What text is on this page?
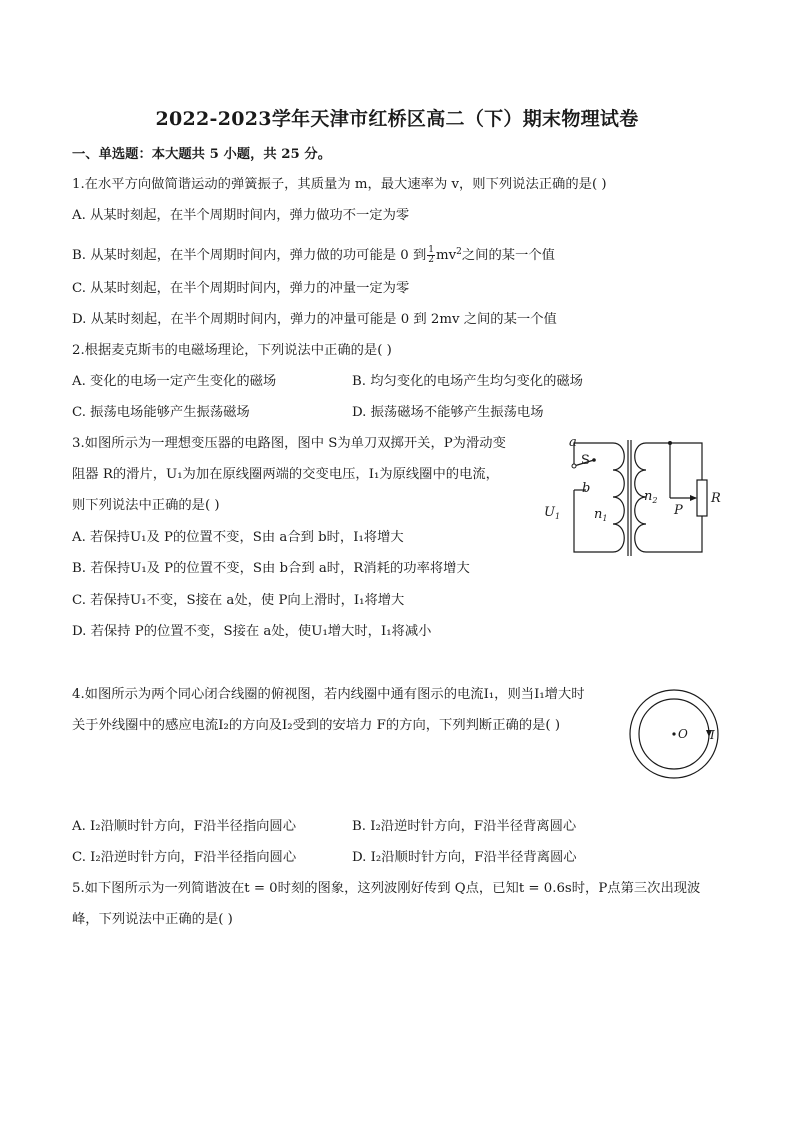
2022-2023学年天津市红桥区高二（下）期末物理试卷
一、单选题：本大题共 5 小题，共 25 分。
1.在水平方向做简谐运动的弹簧振子，其质量为 m，最大速率为 v，则下列说法正确的是( )
A. 从某时刻起，在半个周期时间内，弹力做功不一定为零
B. 从某时刻起，在半个周期时间内，弹力做的功可能是 0 到 $\frac{1}{2} mv^2$之间的某一个值
C. 从某时刻起，在半个周期时间内，弹力的冲量一定为零
D. 从某时刻起，在半个周期时间内，弹力的冲量可能是 0 到 2mv 之间的某一个值
2.根据麦克斯韦的电磁场理论，下列说法中正确的是( )
A. 变化的电场一定产生变化的磁场	B. 均匀变化的电场产生均匀变化的磁场
C. 振荡电场能够产生振荡磁场	D. 振荡磁场不能够产生振荡电场
3.如图所示为一理想变压器的电路图，图中 S为单刀双掷开关，P为滑动变
阻器 R的滑片，U₁为加在原线圈两端的交变电压，I₁为原线圈中的电流，
则下列说法中正确的是( )
A. 若保持U₁及 P的位置不变，S由 a合到 b时，I₁将增大
B. 若保持U₁及 P的位置不变，S由 b合到 a时，R消耗的功率将增大
C. 若保持U₁不变，S接在 a处，使 P向上滑时，I₁将增大
D. 若保持 P的位置不变，S接在 a处，使U₁增大时，I₁将减小
a
b
S
$U_1$	$n_1$
$n_2$
P
R
4.如图所示为两个同心闭合线圈的俯视图，若内线圈中通有图示的电流I₁，则当I₁增大时
关于外线圈中的感应电流I₂的方向及I₂受到的安培力 F的方向，下列判断正确的是( )
O I
A. I₂沿顺时针方向，F沿半径指向圆心	B. I₂沿逆时针方向，F沿半径背离圆心
C. I₂沿逆时针方向，F沿半径指向圆心	D. I₂沿顺时针方向，F沿半径背离圆心
5.如下图所示为一列简谐波在t = 0时刻的图象，这列波刚好传到 Q点，已知t = 0.6s时，P点第三次出现波
峰，下列说法中正确的是( )
